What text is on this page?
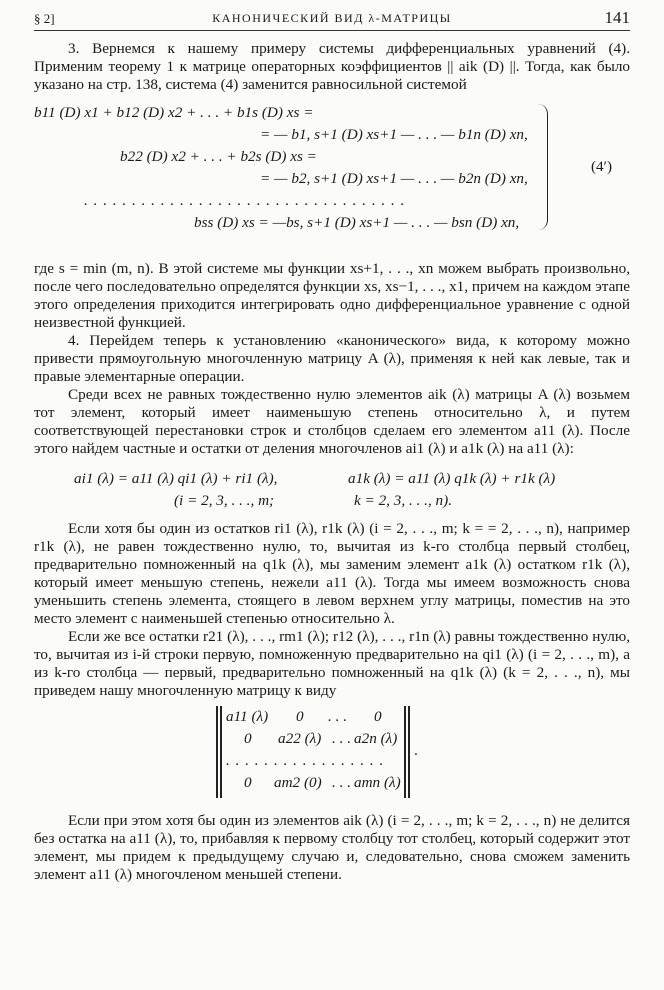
§ 2]	КАНОНИЧЕСКИЙ ВИД λ-МАТРИЦЫ	141

3. Вернемся к нашему примеру системы дифференциальных уравнений (4). Применим теорему 1 к матрице операторных коэффициентов || aik (D) ||. Тогда, как было указано на стр. 138, система (4) заменится равносильной системой

b11 (D) x1 + b12 (D) x2 + . . . + b1s (D) xs =
= — b1, s+1 (D) xs+1 — . . . — b1n (D) xn,
b22 (D) x2 + . . . + b2s (D) xs =
= — b2, s+1 (D) xs+1 — . . . — b2n (D) xn,
. . . . . . . . . . . . . . . . . . . . . . . . . . . . . . . . . .
bss (D) xs = —bs, s+1 (D) xs+1 — . . . — bsn (D) xn,
(4′)

где s = min (m, n). В этой системе мы функции xs+1, . . ., xn можем выбрать произвольно, после чего последовательно определятся функции xs, xs−1, . . ., x1, причем на каждом этапе этого определения приходится интегрировать одно дифференциальное уравнение с одной неизвестной функцией.

4. Перейдем теперь к установлению «канонического» вида, к которому можно привести прямоугольную многочленную матрицу A (λ), применяя к ней как левые, так и правые элементарные операции.

Среди всех не равных тождественно нулю элементов aik (λ) матрицы A (λ) возьмем тот элемент, который имеет наименьшую степень относительно λ, и путем соответствующей перестановки строк и столбцов сделаем его элементом a11 (λ). После этого найдем частные и остатки от деления многочленов ai1 (λ) и a1k (λ) на a11 (λ):

ai1 (λ) = a11 (λ) qi1 (λ) + ri1 (λ),	a1k (λ) = a11 (λ) q1k (λ) + r1k (λ)
(i = 2, 3, . . ., m;	k = 2, 3, . . ., n).

Если хотя бы один из остатков ri1 (λ), r1k (λ) (i = 2, . . ., m; k = = 2, . . ., n), например r1k (λ), не равен тождественно нулю, то, вычитая из k-го столбца первый столбец, предварительно помноженный на q1k (λ), мы заменим элемент a1k (λ) остатком r1k (λ), который имеет меньшую степень, нежели a11 (λ). Тогда мы имеем возможность снова уменьшить степень элемента, стоящего в левом верхнем углу матрицы, поместив на это место элемент с наименьшей степенью относительно λ.

Если же все остатки r21 (λ), . . ., rm1 (λ); r12 (λ), . . ., r1n (λ) равны тождественно нулю, то, вычитая из i-й строки первую, помноженную предварительно на qi1 (λ) (i = 2, . . ., m), а из k-го столбца — первый, предварительно помноженный на q1k (λ) (k = 2, . . ., n), мы приведем нашу многочленную матрицу к виду

a11 (λ) 0 . . . 0
0 a22 (λ) . . . a2n (λ)
. . . . . . . . . . . . . . . . .
0 am2 (0) . . . amn (λ)
.

Если при этом хотя бы один из элементов aik (λ) (i = 2, . . ., m; k = 2, . . ., n) не делится без остатка на a11 (λ), то, прибавляя к первому столбцу тот столбец, который содержит этот элемент, мы придем к предыдущему случаю и, следовательно, снова сможем заменить элемент a11 (λ) многочленом меньшей степени.
